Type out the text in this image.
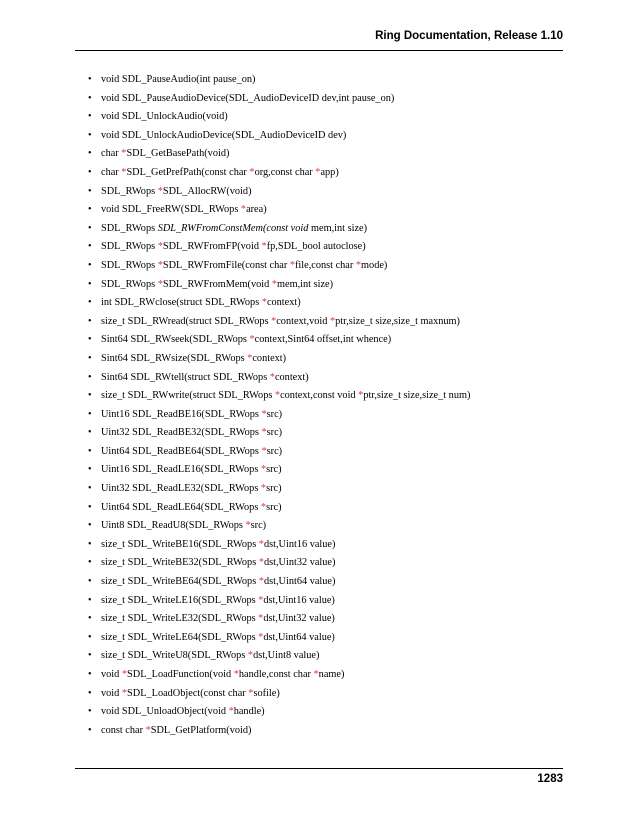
Ring Documentation, Release 1.10
• void SDL_PauseAudio(int pause_on)
• void SDL_PauseAudioDevice(SDL_AudioDeviceID dev,int pause_on)
• void SDL_UnlockAudio(void)
• void SDL_UnlockAudioDevice(SDL_AudioDeviceID dev)
• char *SDL_GetBasePath(void)
• char *SDL_GetPrefPath(const char *org,const char *app)
• SDL_RWops *SDL_AllocRW(void)
• void SDL_FreeRW(SDL_RWops *area)
• SDL_RWops SDL_RWFromConstMem(const void mem,int size)
• SDL_RWops *SDL_RWFromFP(void *fp,SDL_bool autoclose)
• SDL_RWops *SDL_RWFromFile(const char *file,const char *mode)
• SDL_RWops *SDL_RWFromMem(void *mem,int size)
• int SDL_RWclose(struct SDL_RWops *context)
• size_t SDL_RWread(struct SDL_RWops *context,void *ptr,size_t size,size_t maxnum)
• Sint64 SDL_RWseek(SDL_RWops *context,Sint64 offset,int whence)
• Sint64 SDL_RWsize(SDL_RWops *context)
• Sint64 SDL_RWtell(struct SDL_RWops *context)
• size_t SDL_RWwrite(struct SDL_RWops *context,const void *ptr,size_t size,size_t num)
• Uint16 SDL_ReadBE16(SDL_RWops *src)
• Uint32 SDL_ReadBE32(SDL_RWops *src)
• Uint64 SDL_ReadBE64(SDL_RWops *src)
• Uint16 SDL_ReadLE16(SDL_RWops *src)
• Uint32 SDL_ReadLE32(SDL_RWops *src)
• Uint64 SDL_ReadLE64(SDL_RWops *src)
• Uint8 SDL_ReadU8(SDL_RWops *src)
• size_t SDL_WriteBE16(SDL_RWops *dst,Uint16 value)
• size_t SDL_WriteBE32(SDL_RWops *dst,Uint32 value)
• size_t SDL_WriteBE64(SDL_RWops *dst,Uint64 value)
• size_t SDL_WriteLE16(SDL_RWops *dst,Uint16 value)
• size_t SDL_WriteLE32(SDL_RWops *dst,Uint32 value)
• size_t SDL_WriteLE64(SDL_RWops *dst,Uint64 value)
• size_t SDL_WriteU8(SDL_RWops *dst,Uint8 value)
• void *SDL_LoadFunction(void *handle,const char *name)
• void *SDL_LoadObject(const char *sofile)
• void SDL_UnloadObject(void *handle)
• const char *SDL_GetPlatform(void)
1283
